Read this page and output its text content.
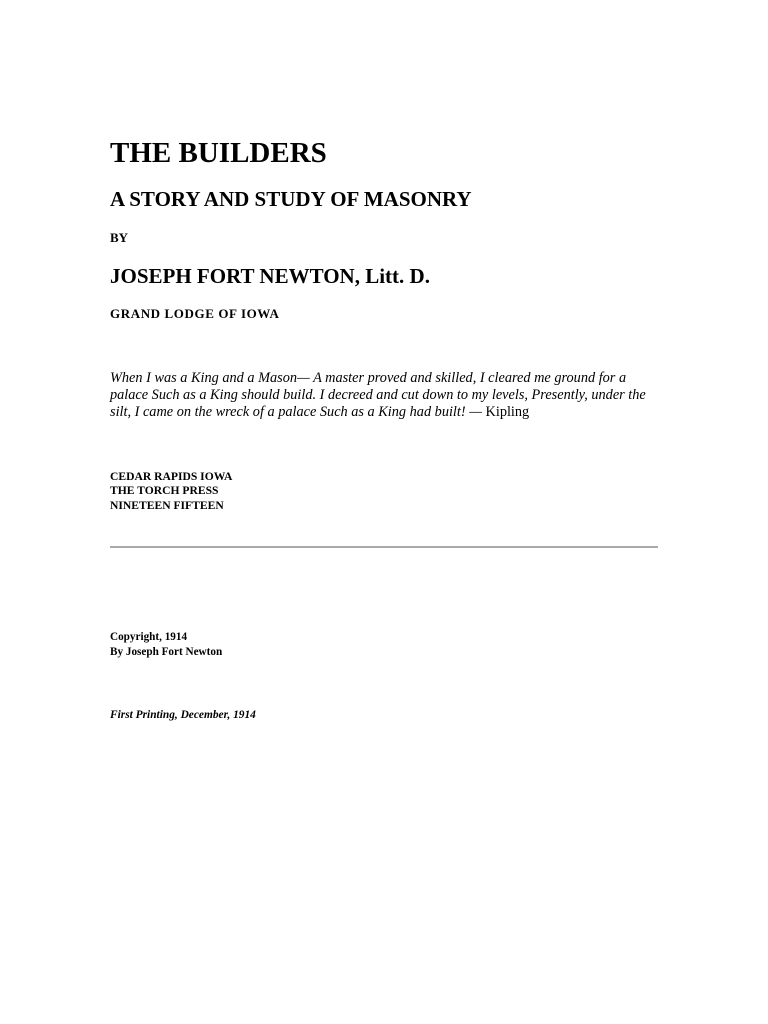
THE BUILDERS
A STORY AND STUDY OF MASONRY
BY
JOSEPH FORT NEWTON, Litt. D.
GRAND LODGE OF IOWA

When I was a King and a Mason— A master proved and skilled, I cleared me ground for a palace Such as a King should build. I decreed and cut down to my levels, Presently, under the silt, I came on the wreck of a palace Such as a King had built! — Kipling

CEDAR RAPIDS IOWA
THE TORCH PRESS
NINETEEN FIFTEEN
Copyright, 1914
By Joseph Fort Newton
First Printing, December, 1914
